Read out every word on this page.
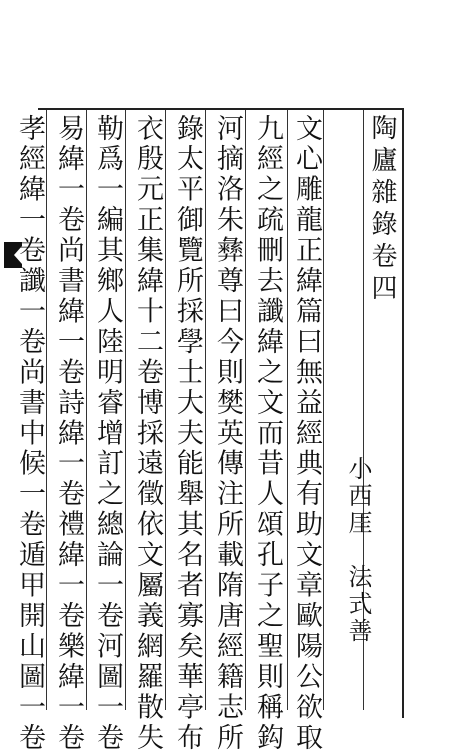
陶廬雜錄卷四
小西厓　法式善
文心雕龍正緯篇曰無益經典有助文章歐陽公欲取
九經之疏刪去讖緯之文而昔人頌孔子之聖則稱鈎
河摘洛朱彝尊曰今則樊英傳注所載隋唐經籍志所
錄太平御覽所採學士大夫能舉其名者寡矣華亭布
衣殷元正集緯十二卷博採遠徵依文屬義網羅散失
勒爲一編其鄉人陸明睿增訂之總論一卷河圖一卷
易緯一卷尚書緯一卷詩緯一卷禮緯一卷樂緯一卷
孝經緯一卷讖一卷尚書中候一卷遁甲開山圖一卷
